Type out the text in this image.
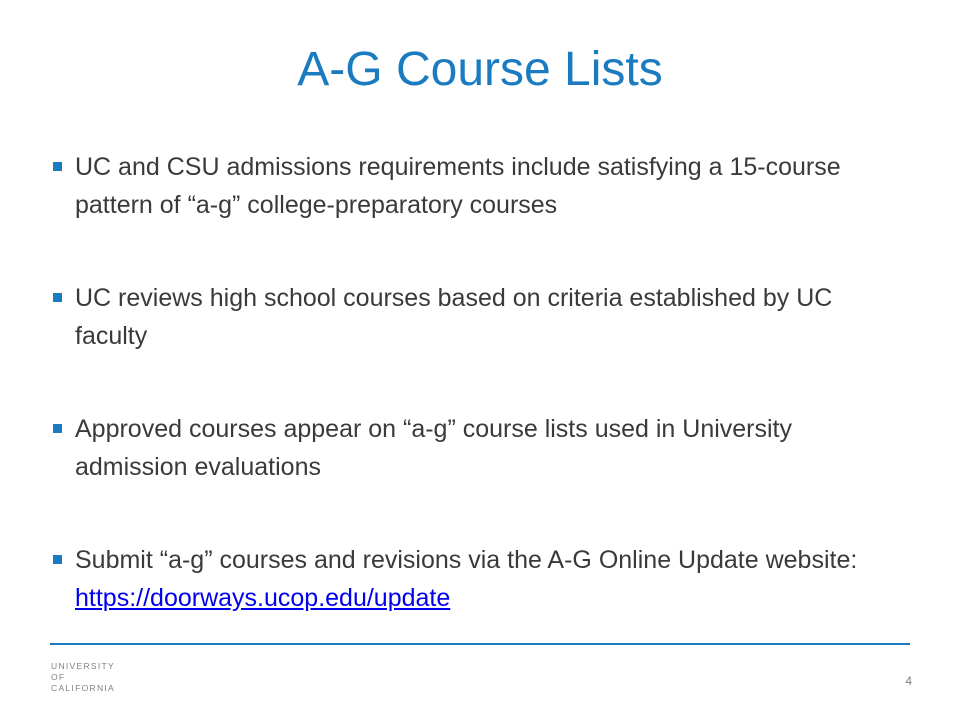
A-G Course Lists
UC and CSU admissions requirements include satisfying a 15-course pattern of “a-g” college-preparatory courses
UC reviews high school courses based on criteria established by UC faculty
Approved courses appear on “a-g” course lists used in University admission evaluations
Submit “a-g” courses and revisions via the A-G Online Update website: https://doorways.ucop.edu/update
UNIVERSITY
OF
CALIFORNIA	4
